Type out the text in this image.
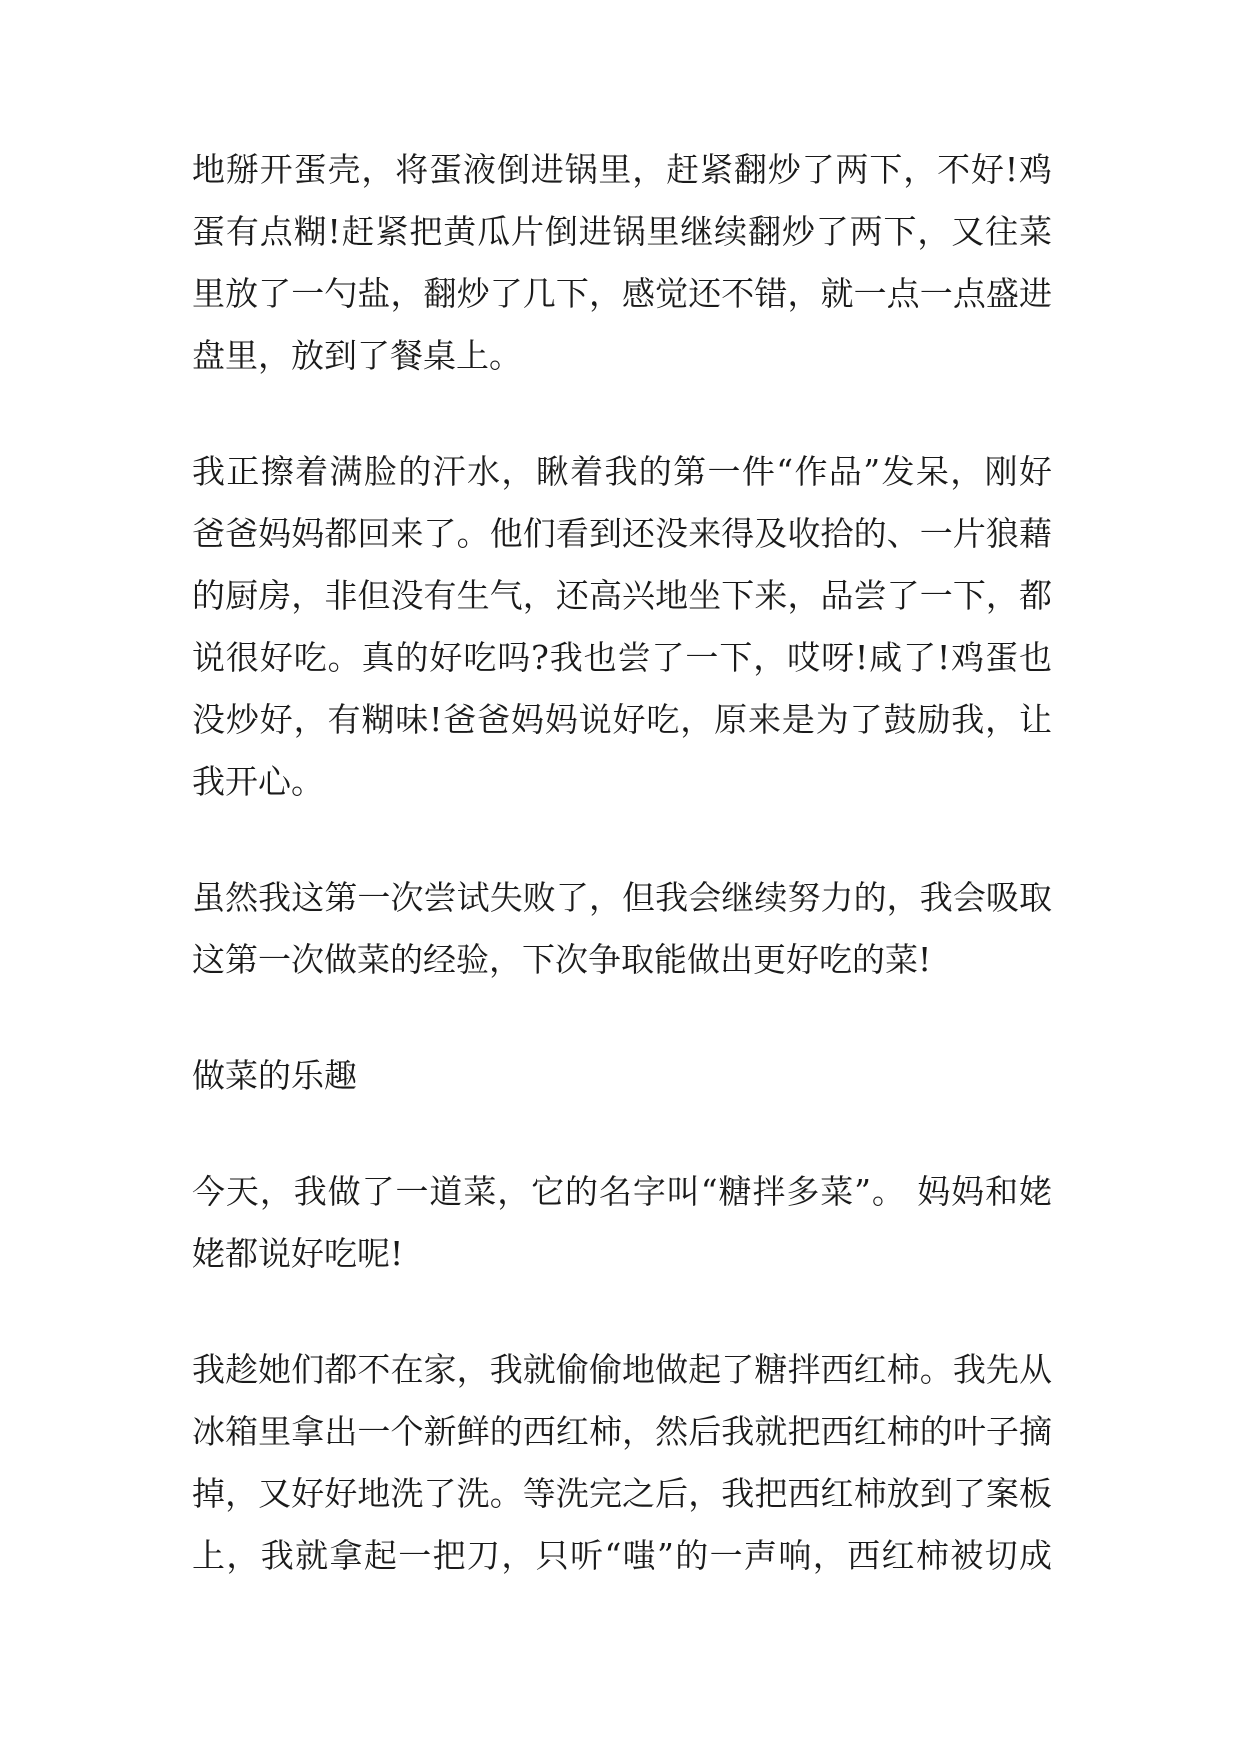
地掰开蛋壳，将蛋液倒进锅里，赶紧翻炒了两下，不好!鸡
蛋有点糊!赶紧把黄瓜片倒进锅里继续翻炒了两下，又往菜
里放了一勺盐，翻炒了几下，感觉还不错，就一点一点盛进
盘里，放到了餐桌上。
我正擦着满脸的汗水，瞅着我的第一件“作品”发呆，刚好
爸爸妈妈都回来了。他们看到还没来得及收拾的、一片狼藉
的厨房，非但没有生气，还高兴地坐下来，品尝了一下，都
说很好吃。真的好吃吗?我也尝了一下，哎呀!咸了!鸡蛋也
没炒好，有糊味!爸爸妈妈说好吃，原来是为了鼓励我，让
我开心。
虽然我这第一次尝试失败了，但我会继续努力的，我会吸取
这第一次做菜的经验，下次争取能做出更好吃的菜!
做菜的乐趣
今天，我做了一道菜，它的名字叫“糖拌多菜”。 妈妈和姥
姥都说好吃呢!
我趁她们都不在家，我就偷偷地做起了糖拌西红柿。我先从
冰箱里拿出一个新鲜的西红柿，然后我就把西红柿的叶子摘
掉，又好好地洗了洗。等洗完之后，我把西红柿放到了案板
上，我就拿起一把刀，只听“嗤”的一声响，西红柿被切成
